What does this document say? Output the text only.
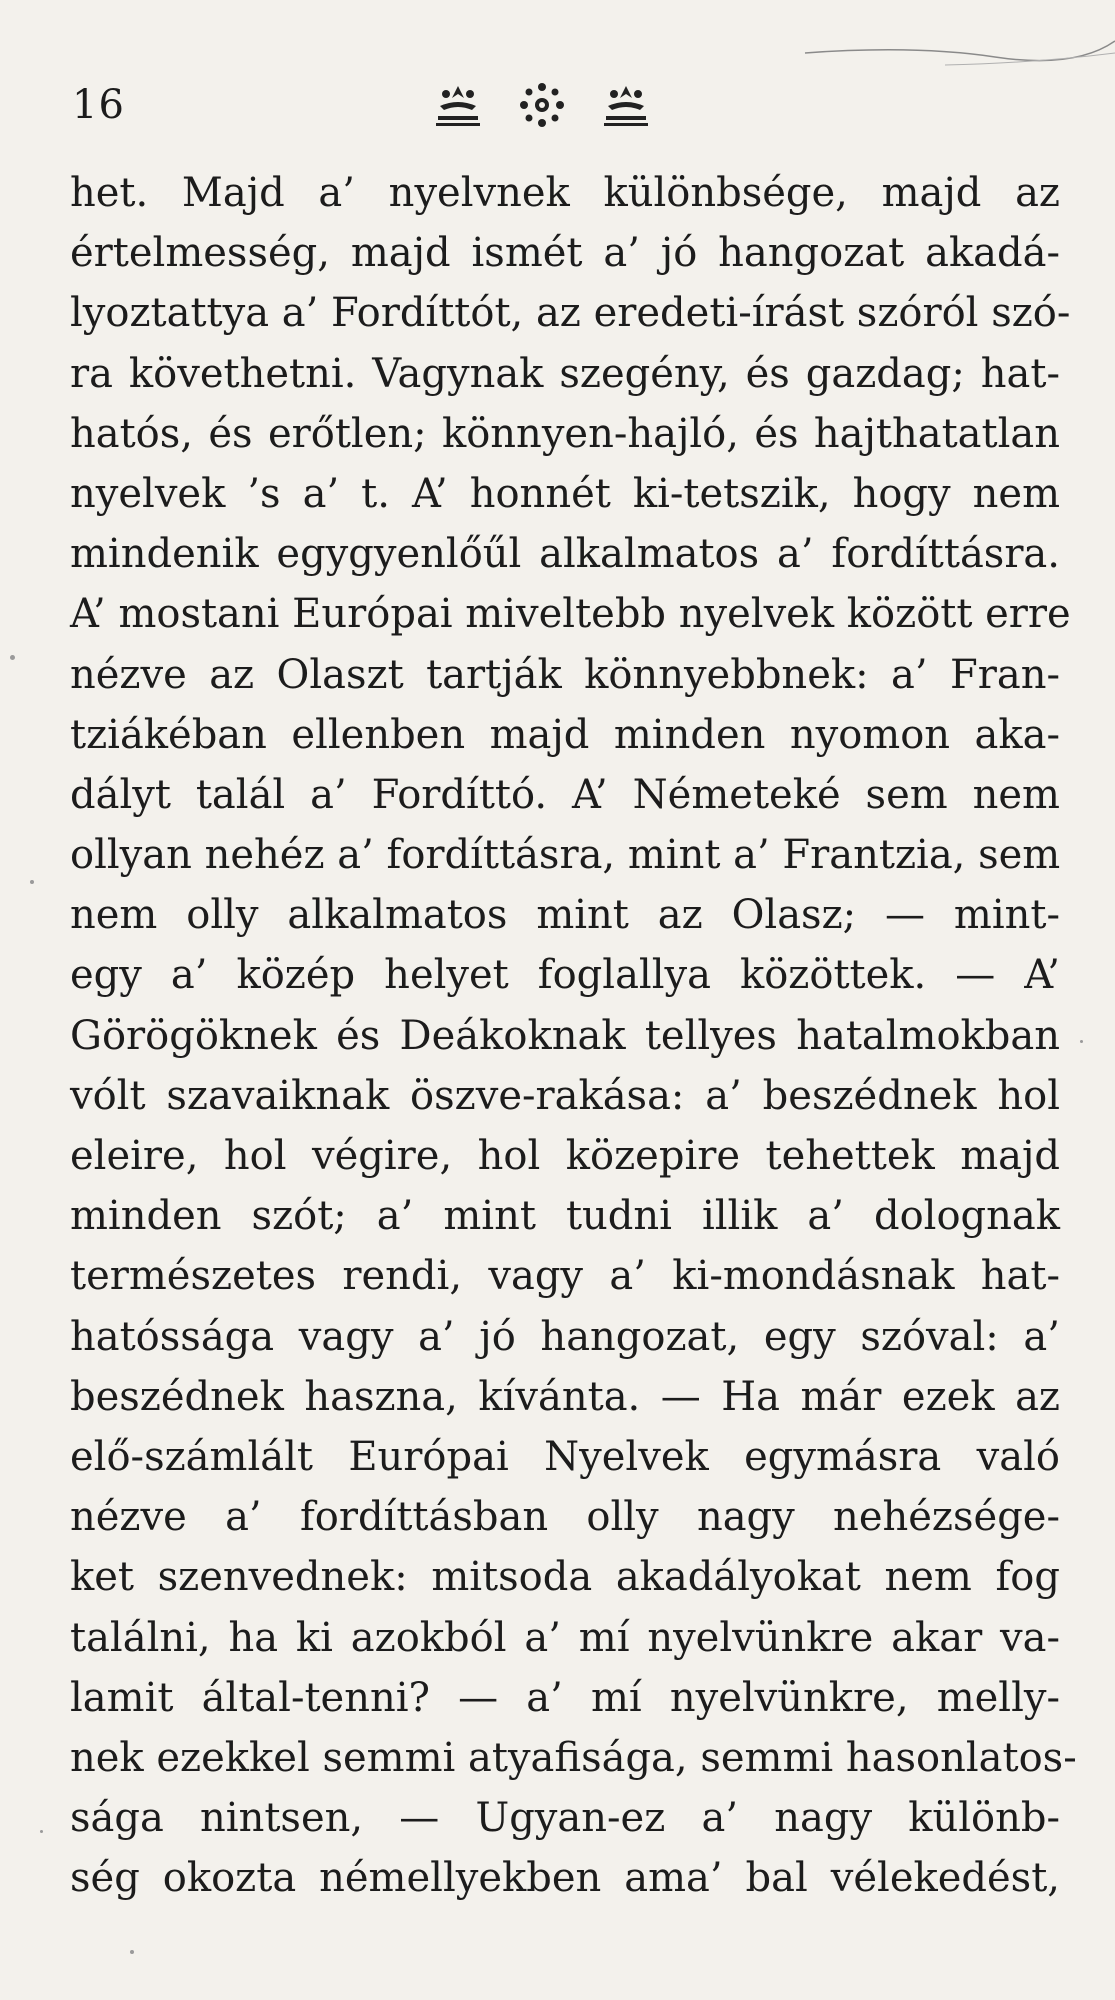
16
het. Majd a’ nyelvnek különbsége, majd az
értelmesség, majd ismét a’ jó hangozat akadá-
lyoztattya a’ Fordíttót, az eredeti-írást szóról szó-
ra követhetni. Vagynak szegény, és gazdag; hat-
hatós, és erőtlen; könnyen-hajló, és hajthatatlan
nyelvek ’s a’ t. A’ honnét ki-tetszik, hogy nem
mindenik egygyenlőűl alkalmatos a’ fordíttásra.
A’ mostani Európai miveltebb nyelvek között erre
nézve az Olaszt tartják könnyebbnek: a’ Fran-
tziákéban ellenben majd minden nyomon aka-
dályt talál a’ Fordíttó. A’ Németeké sem nem
ollyan nehéz a’ fordíttásra, mint a’ Frantzia, sem
nem olly alkalmatos mint az Olasz; — mint-
egy a’ közép helyet foglallya közöttek. — A’
Görögöknek és Deákoknak tellyes hatalmokban
vólt szavaiknak öszve-rakása: a’ beszédnek hol
eleire, hol végire, hol közepire tehettek majd
minden szót; a’ mint tudni illik a’ dolognak
természetes rendi, vagy a’ ki-mondásnak hat-
hatóssága vagy a’ jó hangozat, egy szóval: a’
beszédnek haszna, kívánta. — Ha már ezek az
elő-számlált Európai Nyelvek egymásra való
nézve a’ fordíttásban olly nagy nehézsége-
ket szenvednek: mitsoda akadályokat nem fog
találni, ha ki azokból a’ mí nyelvünkre akar va-
lamit által-tenni? — a’ mí nyelvünkre, melly-
nek ezekkel semmi atyafisága, semmi hasonlatos-
sága nintsen, — Ugyan-ez a’ nagy különb-
ség okozta némellyekben ama’ bal vélekedést,
